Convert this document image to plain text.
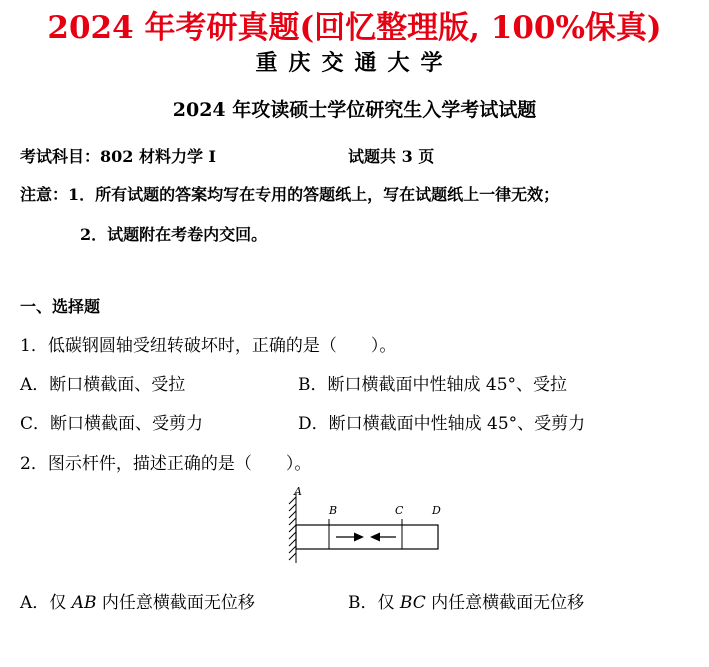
2024 年考研真题(回忆整理版, 100%保真)
重庆交通大学
2024 年攻读硕士学位研究生入学考试试题
考试科目：802 材料力学 I	试题共 3 页
注意：1．所有试题的答案均写在专用的答题纸上，写在试题纸上一律无效；
2．试题附在考卷内交回。
一、选择题
1．低碳钢圆轴受纽转破坏时，正确的是（　　）。
A．断口横截面、受拉	B．断口横截面中性轴成 45°、受拉
C．断口横截面、受剪力	D．断口横截面中性轴成 45°、受剪力
2．图示杆件，描述正确的是（　　）。
A
B	C	D
A．仅 AB 内任意横截面无位移	B．仅 BC 内任意横截面无位移
